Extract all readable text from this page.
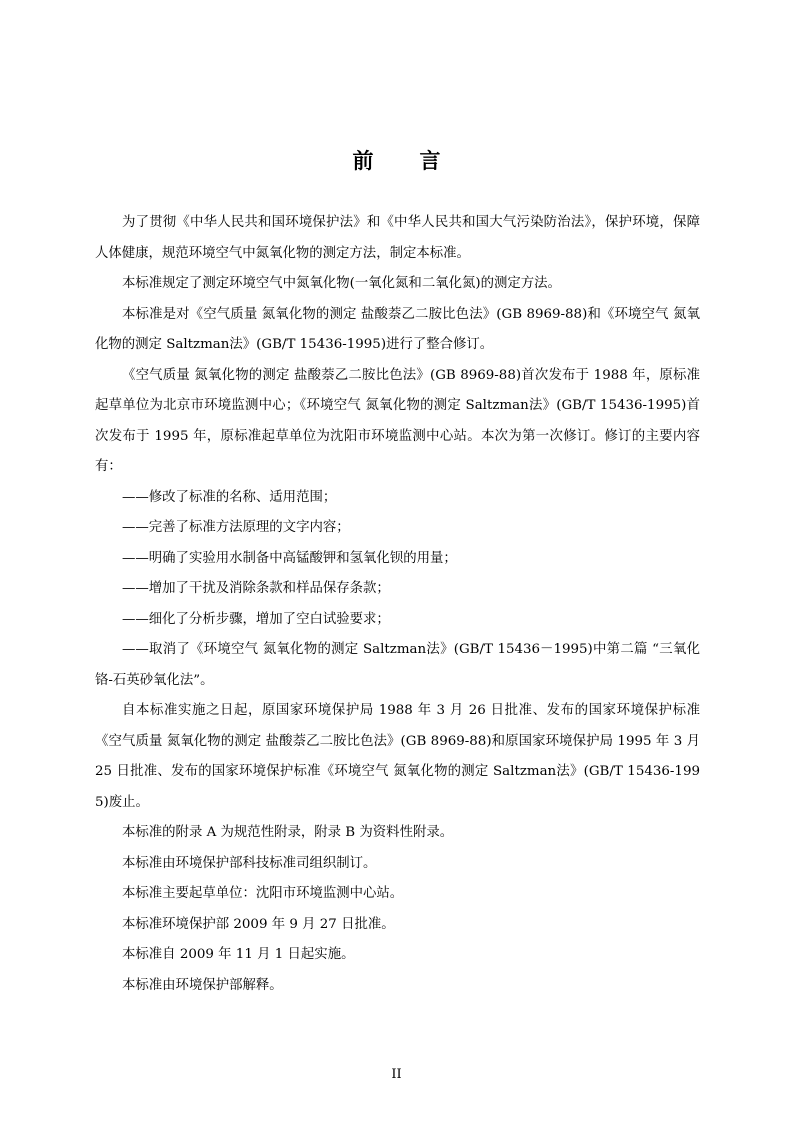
前言

为了贯彻《中华人民共和国环境保护法》和《中华人民共和国大气污染防治法》，保护环境，保障人体健康，规范环境空气中氮氧化物的测定方法，制定本标准。

本标准规定了测定环境空气中氮氧化物(一氧化氮和二氧化氮)的测定方法。

本标准是对《空气质量 氮氧化物的测定 盐酸萘乙二胺比色法》(GB 8969-88)和《环境空气 氮氧化物的测定 Saltzman法》(GB/T 15436-1995)进行了整合修订。

《空气质量 氮氧化物的测定 盐酸萘乙二胺比色法》(GB 8969-88)首次发布于 1988 年，原标准起草单位为北京市环境监测中心；《环境空气 氮氧化物的测定 Saltzman法》(GB/T 15436-1995)首次发布于 1995 年，原标准起草单位为沈阳市环境监测中心站。本次为第一次修订。修订的主要内容有：

——修改了标准的名称、适用范围；

——完善了标准方法原理的文字内容；

——明确了实验用水制备中高锰酸钾和氢氧化钡的用量；

——增加了干扰及消除条款和样品保存条款；

——细化了分析步骤，增加了空白试验要求；

——取消了《环境空气 氮氧化物的测定 Saltzman法》(GB/T 15436－1995)中第二篇 “三氧化铬-石英砂氧化法”。

自本标准实施之日起，原国家环境保护局 1988 年 3 月 26 日批准、发布的国家环境保护标准《空气质量 氮氧化物的测定 盐酸萘乙二胺比色法》(GB 8969-88)和原国家环境保护局 1995 年 3 月 25 日批准、发布的国家环境保护标准《环境空气 氮氧化物的测定 Saltzman法》(GB/T 15436-1995)废止。

本标准的附录 A 为规范性附录，附录 B 为资料性附录。

本标准由环境保护部科技标准司组织制订。

本标准主要起草单位：沈阳市环境监测中心站。

本标准环境保护部 2009 年 9 月 27 日批准。

本标准自 2009 年 11 月 1 日起实施。

本标准由环境保护部解释。

II
